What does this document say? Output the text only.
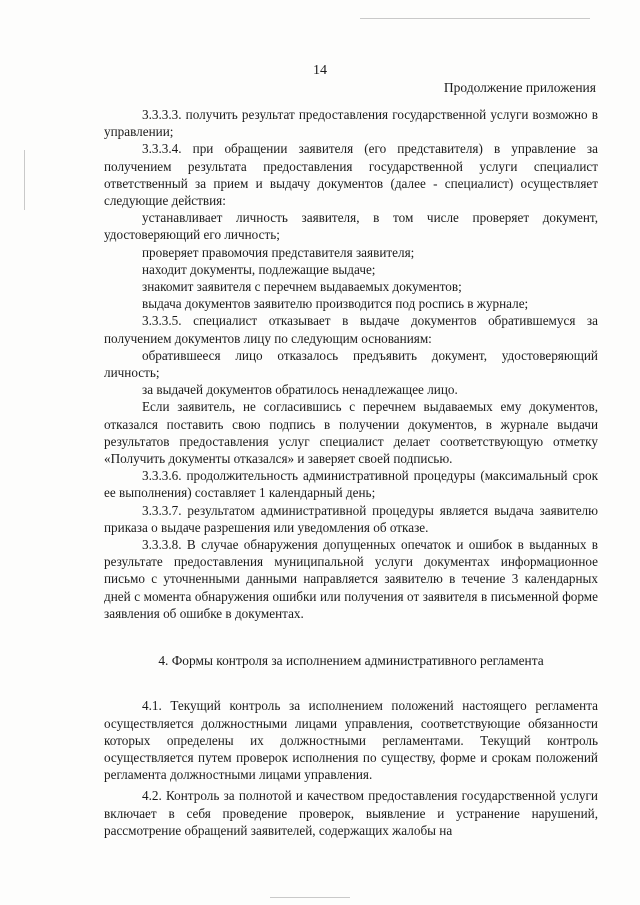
14
Продолжение приложения

3.3.3.3. получить результат предоставления государственной услуги возможно в управлении;

3.3.3.4. при обращении заявителя (его представителя) в управление за получением результата предоставления государственной услуги специалист ответственный за прием и выдачу документов (далее - специалист) осуществляет следующие действия:

устанавливает личность заявителя, в том числе проверяет документ, удостоверяющий его личность;

проверяет правомочия представителя заявителя;

находит документы, подлежащие выдаче;

знакомит заявителя с перечнем выдаваемых документов;

выдача документов заявителю производится под роспись в журнале;

3.3.3.5. специалист отказывает в выдаче документов обратившемуся за получением документов лицу по следующим основаниям:

обратившееся лицо отказалось предъявить документ, удостоверяющий личность;

за выдачей документов обратилось ненадлежащее лицо.

Если заявитель, не согласившись с перечнем выдаваемых ему документов, отказался поставить свою подпись в получении документов, в журнале выдачи результатов предоставления услуг специалист делает соответствующую отметку «Получить документы отказался» и заверяет своей подписью.

3.3.3.6. продолжительность административной процедуры (максимальный срок ее выполнения) составляет 1 календарный день;

3.3.3.7. результатом административной процедуры является выдача заявителю приказа о выдаче разрешения или уведомления об отказе.

3.3.3.8. В случае обнаружения допущенных опечаток и ошибок в выданных в результате предоставления муниципальной услуги документах информационное письмо с уточненными данными направляется заявителю в течение 3 календарных дней с момента обнаружения ошибки или получения от заявителя в письменной форме заявления об ошибке в документах.

4. Формы контроля за исполнением административного регламента

4.1. Текущий контроль за исполнением положений настоящего регламента осуществляется должностными лицами управления, соответствующие обязанности которых определены их должностными регламентами. Текущий контроль осуществляется путем проверок исполнения по существу, форме и срокам положений регламента должностными лицами управления.

4.2. Контроль за полнотой и качеством предоставления государственной услуги включает в себя проведение проверок, выявление и устранение нарушений, рассмотрение обращений заявителей, содержащих жалобы на
